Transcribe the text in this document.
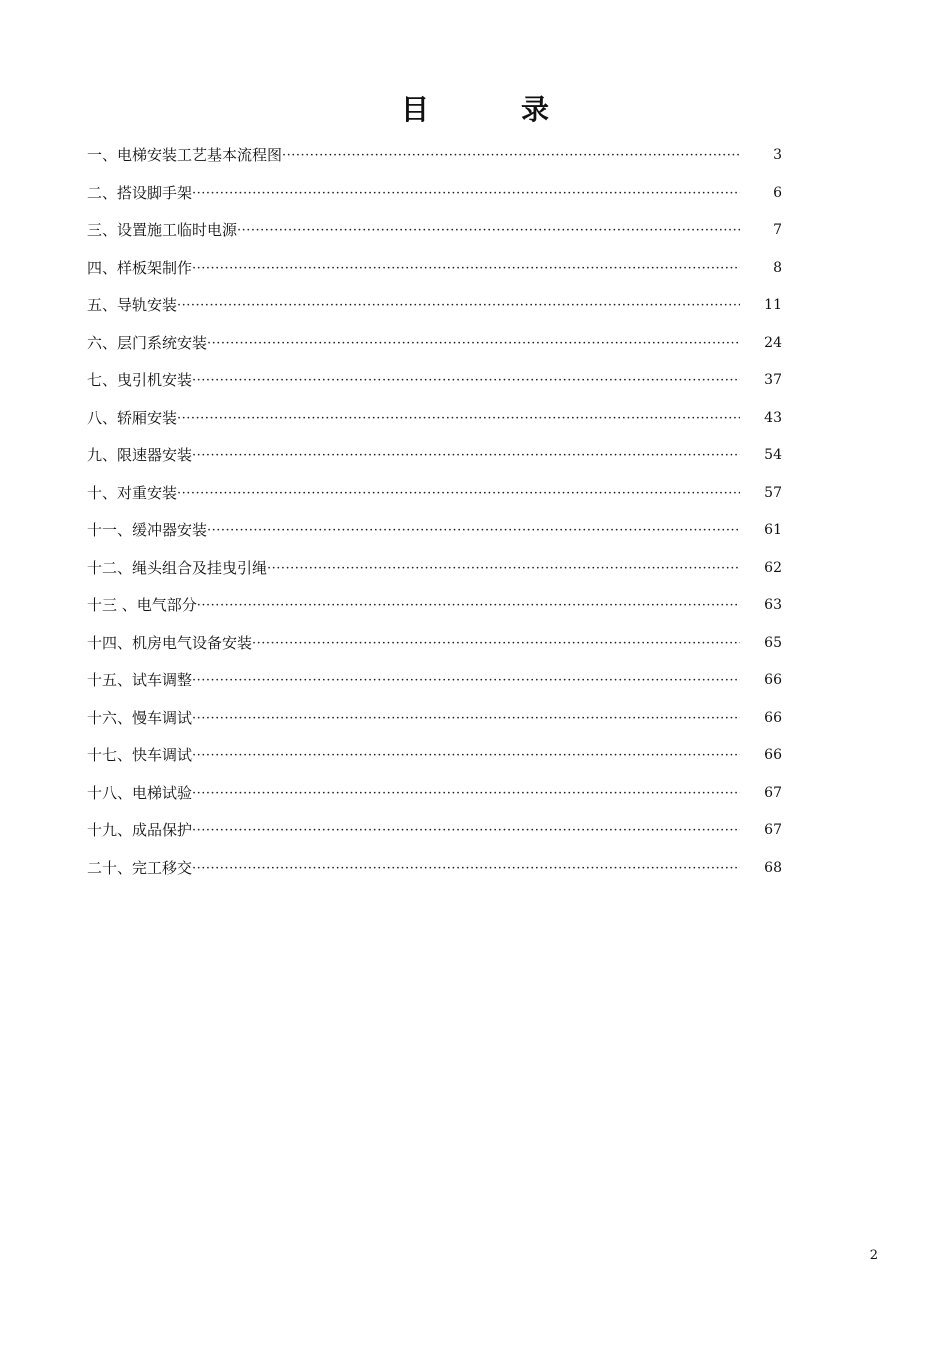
目	录
一、电梯安装工艺基本流程图 ·····	3
二、搭设脚手架 ·····	6
三、设置施工临时电源 ·····	7
四、样板架制作 ·····	8
五、导轨安装 ·····	11
六、层门系统安装 ·····	24
七、曳引机安装 ·····	37
八、轿厢安装 ·····	43
九、限速器安装 ·····	54
十、对重安装 ·····	57
十一、缓冲器安装 ·····	61
十二、绳头组合及挂曳引绳 ·····	62
十三 、电气部分 ·····	63
十四、机房电气设备安装 ·····	65
十五、试车调整 ·····	66
十六、慢车调试 ·····	66
十七、快车调试 ·····	66
十八、电梯试验 ·····	67
十九、成品保护 ·····	67
二十、完工移交 ·····	68
2
